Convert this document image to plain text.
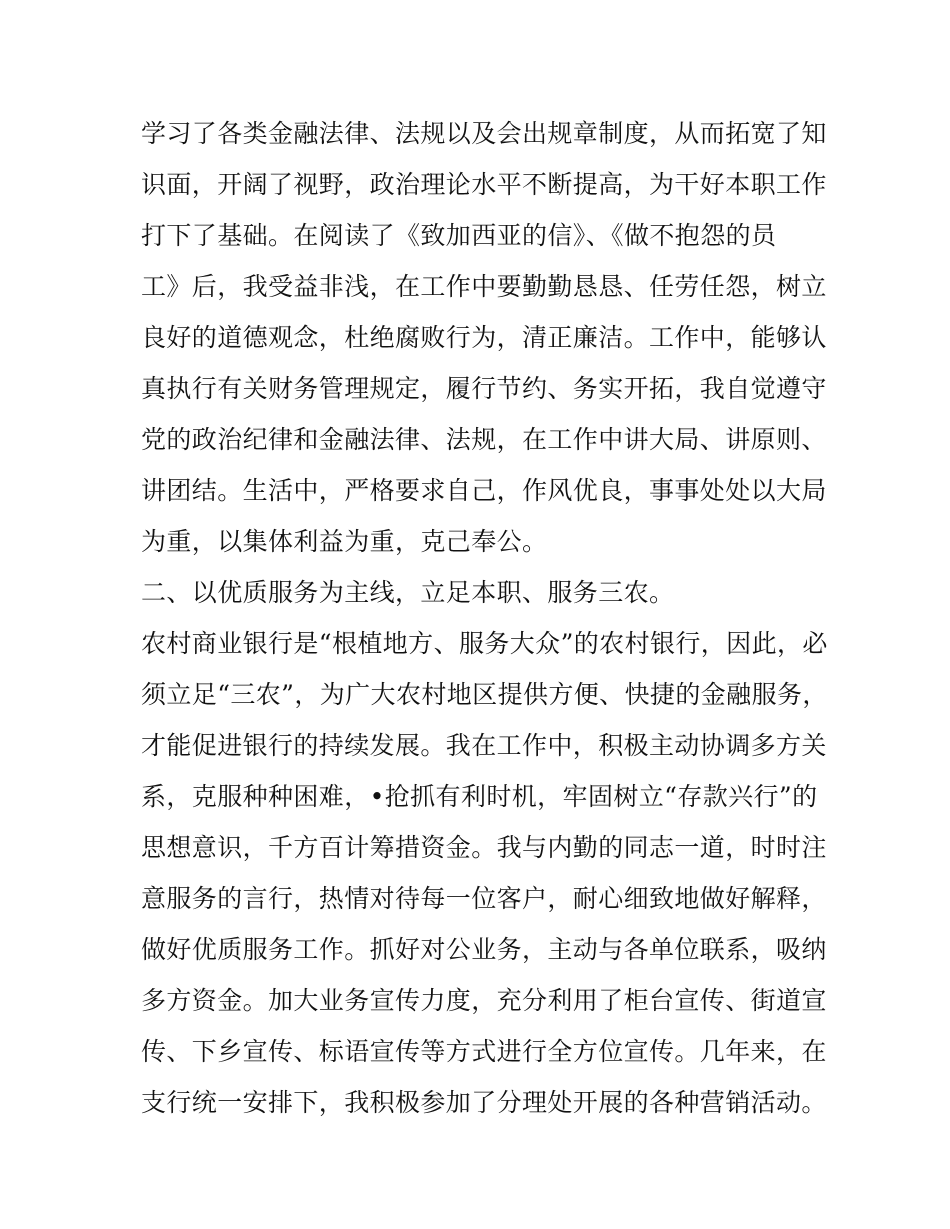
学习了各类金融法律、法规以及会出规章制度，从而拓宽了知
识面，开阔了视野，政治理论水平不断提高，为干好本职工作
打下了基础。在阅读了《致加西亚的信》、《做不抱怨的员
工》后，我受益非浅，在工作中要勤勤恳恳、任劳任怨，树立
良好的道德观念，杜绝腐败行为，清正廉洁。工作中，能够认
真执行有关财务管理规定，履行节约、务实开拓，我自觉遵守
党的政治纪律和金融法律、法规，在工作中讲大局、讲原则、
讲团结。生活中，严格要求自己，作风优良，事事处处以大局
为重，以集体利益为重，克己奉公。
二、以优质服务为主线，立足本职、服务三农。
农村商业银行是“根植地方、服务大众”的农村银行，因此，必
须立足“三农”，为广大农村地区提供方便、快捷的金融服务，
才能促进银行的持续发展。我在工作中，积极主动协调多方关
系，克服种种困难，•抢抓有利时机，牢固树立“存款兴行”的
思想意识，千方百计筹措资金。我与内勤的同志一道，时时注
意服务的言行，热情对待每一位客户，耐心细致地做好解释，
做好优质服务工作。抓好对公业务，主动与各单位联系，吸纳
多方资金。加大业务宣传力度，充分利用了柜台宣传、街道宣
传、下乡宣传、标语宣传等方式进行全方位宣传。几年来，在
支行统一安排下，我积极参加了分理处开展的各种营销活动。
